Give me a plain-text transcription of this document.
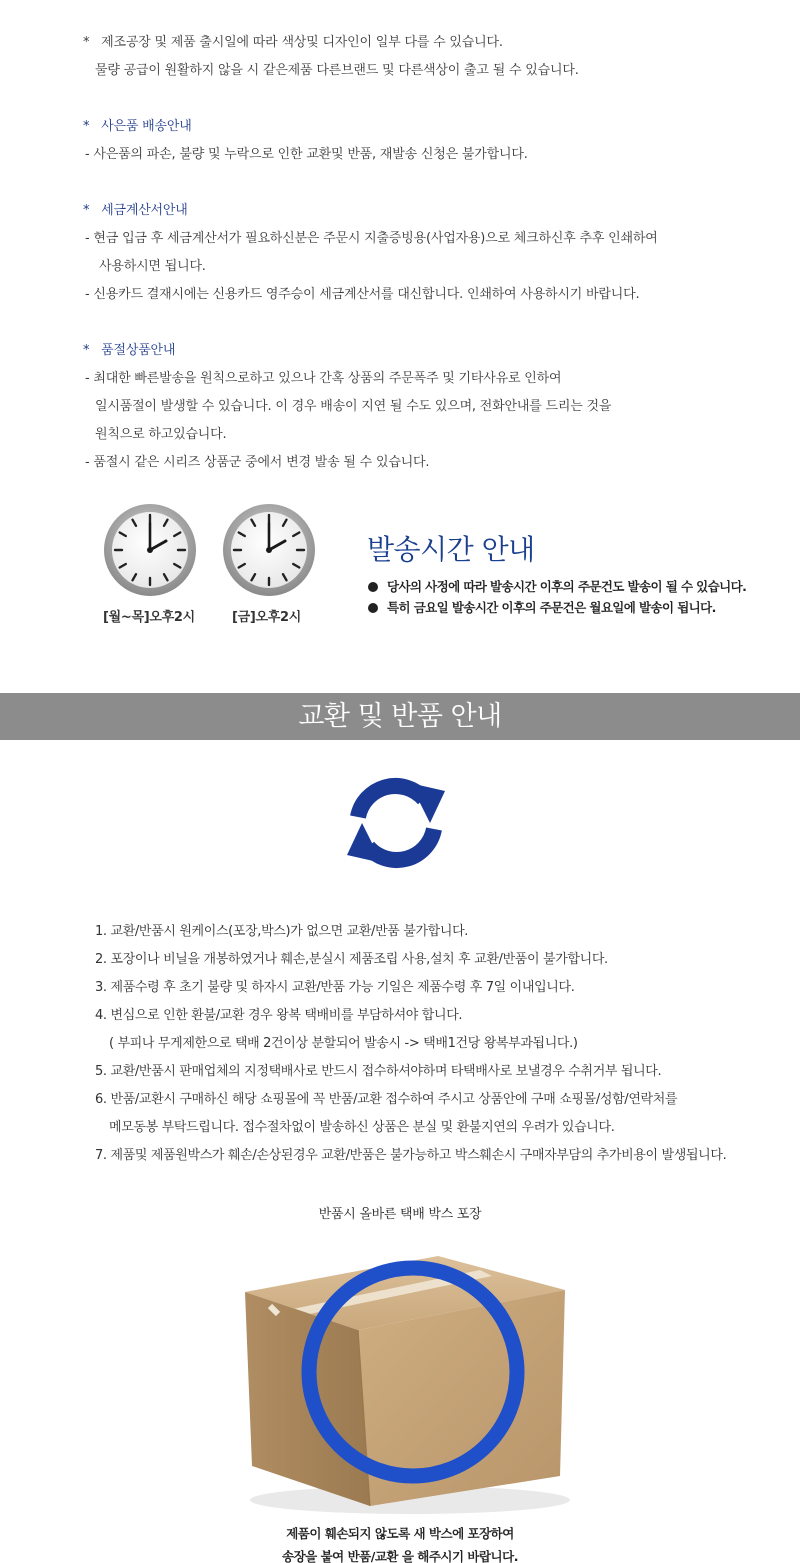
* 제조공장 및 제품 출시일에 따라 색상및 디자인이 일부 다를 수 있습니다.
물량 공급이 원활하지 않을 시 같은제품 다른브랜드 및 다른색상이 출고 될 수 있습니다.
* 사은품 배송안내
- 사은품의 파손, 불량 및 누락으로 인한 교환및 반품, 재발송 신청은 불가합니다.
* 세금계산서안내
- 현금 입금 후 세금계산서가 필요하신분은 주문시 지출증빙용(사업자용)으로 체크하신후 추후 인쇄하여
사용하시면 됩니다.
- 신용카드 결재시에는 신용카드 영주승이 세금계산서를 대신합니다. 인쇄하여 사용하시기 바랍니다.
* 품절상품안내
- 최대한 빠른발송을 원칙으로하고 있으나 간혹 상품의 주문폭주 및 기타사유로 인하여
일시품절이 발생할 수 있습니다. 이 경우 배송이 지연 될 수도 있으며, 전화안내를 드리는 것을
원칙으로 하고있습니다.
- 품절시 같은 시리즈 상품군 중에서 변경 발송 될 수 있습니다.
[월~목]오후2시	[금]오후2시
발송시간 안내
당사의 사정에 따라 발송시간 이후의 주문건도 발송이 될 수 있습니다.
특히 금요일 발송시간 이후의 주문건은 월요일에 발송이 됩니다.
교환 및 반품 안내
1. 교환/반품시 원케이스(포장,박스)가 없으면 교환/반품 불가합니다.
2. 포장이나 비닐을 개봉하였거나 훼손,분실시 제품조립 사용,설치 후 교환/반품이 불가합니다.
3. 제품수령 후 초기 불량 및 하자시 교환/반품 가능 기일은 제품수령 후 7일 이내입니다.
4. 변심으로 인한 환불/교환 경우 왕복 택배비를 부담하셔야 합니다.
( 부피나 무게제한으로 택배 2건이상 분할되어 발송시 -> 택배1건당 왕복부과됩니다.)
5. 교환/반품시 판매업체의 지정택배사로 반드시 접수하셔야하며 타택배사로 보낼경우 수취거부 됩니다.
6. 반품/교환시 구매하신 해당 쇼핑몰에 꼭 반품/교환 접수하여 주시고 상품안에 구매 쇼핑몰/성함/연락처를
메모동봉 부탁드립니다. 접수절차없이 발송하신 상품은 분실 및 환불지연의 우려가 있습니다.
7. 제품및 제품원박스가 훼손/손상된경우 교환/반품은 불가능하고 박스훼손시 구매자부담의 추가비용이 발생됩니다.
반품시 올바른 택배 박스 포장
제품이 훼손되지 않도록 새 박스에 포장하여
송장을 붙여 반품/교환 을 해주시기 바랍니다.
